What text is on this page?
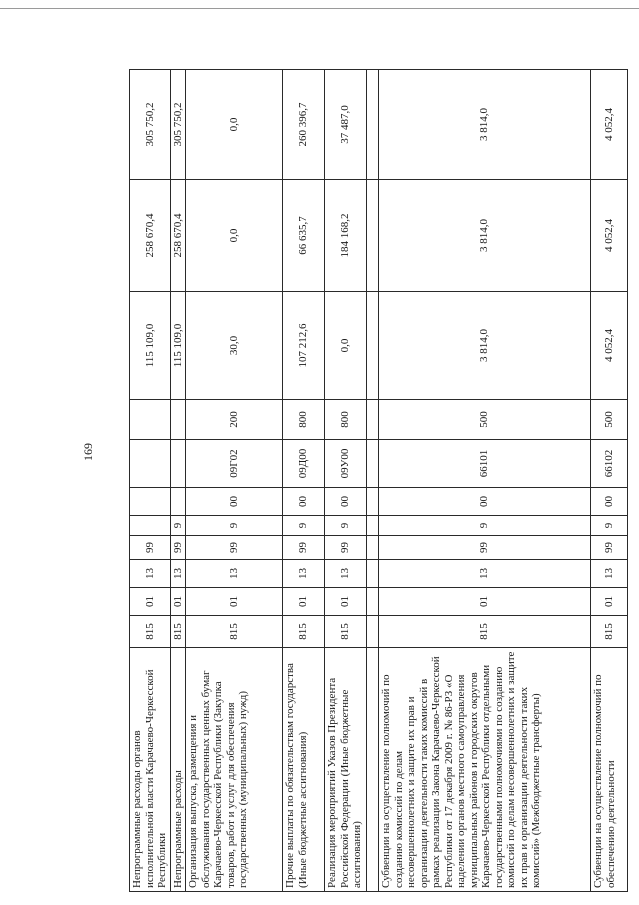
169
Непрограммные расходы органов исполнительной власти Карачаево-Черкесской Республики	815	01	13	99					115 109,0	258 670,4	305 750,2
Непрограммные расходы	815	01	13	99	9				115 109,0	258 670,4	305 750,2
Организация выпуска, размещения и обслуживания государственных ценных бумаг Карачаево-Черкесской Республики (Закупка товаров, работ и услуг для обеспечения государственных (муниципальных) нужд)	815	01	13	99	9	00	09Г02	200	30,0	0,0	0,0
Прочие выплаты по обязательствам государства (Иные бюджетные ассигнования)	815	01	13	99	9	00	09Д00	800	107 212,6	66 635,7	260 396,7
Реализация мероприятий Указов Президента Российской Федерации (Иные бюджетные ассигнования)	815	01	13	99	9	00	09У00	800	0,0	184 168,2	37 487,0

Субвенции на осуществление полномочий по созданию комиссий по делам несовершеннолетних и защите их прав и организации деятельности таких комиссий в рамках реализации Закона Карачаево-Черкесской Республики от 17 декабря 2009 г. № 86-РЗ «О наделении органов местного самоуправления муниципальных районов и городских округов Карачаево-Черкесской Республики отдельными государственными полномочиями по созданию комиссий по делам несовершеннолетних и защите их прав и организации деятельности таких комиссий» (Межбюджетные трансферты)	815	01	13	99	9	00	66101	500	3 814,0	3 814,0	3 814,0
Субвенции на осуществление полномочий по обеспечению деятельности	815	01	13	99	9	00	66102	500	4 052,4	4 052,4	4 052,4
